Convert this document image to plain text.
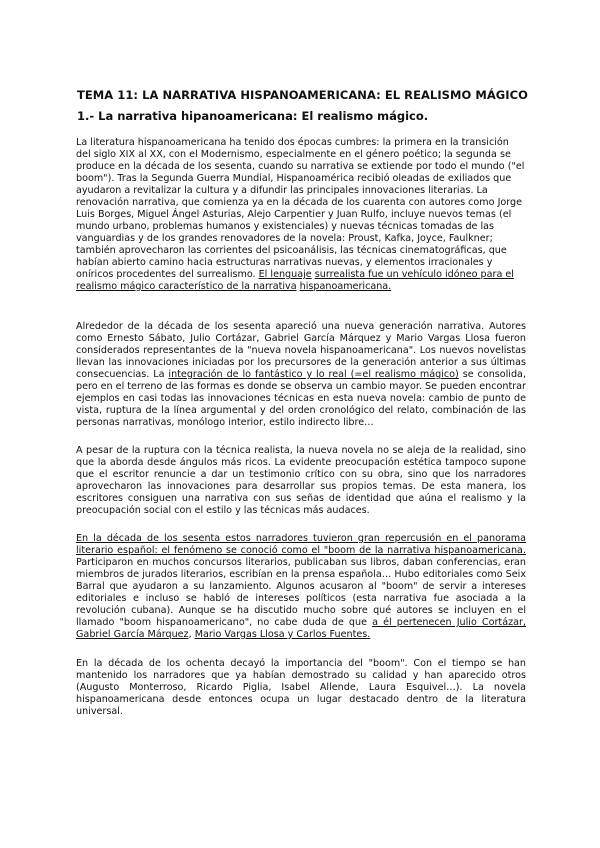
TEMA 11: LA NARRATIVA HISPANOAMERICANA: EL REALISMO MÁGICO
1.- La narrativa hipanoamericana: El realismo mágico.

La literatura hispanoamericana ha tenido dos épocas cumbres: la primera en la transición del siglo XIX al XX, con el Modernismo, especialmente en el género poético; la segunda se produce en la década de los sesenta, cuando su narrativa se extiende por todo el mundo ("el boom"). Tras la Segunda Guerra Mundial, Hispanoamérica recibió oleadas de exiliados que ayudaron a revitalizar la cultura y a difundir las principales innovaciones literarias. La renovación narrativa, que comienza ya en la década de los cuarenta con autores como Jorge Luis Borges, Miguel Ángel Asturias, Alejo Carpentier y Juan Rulfo, incluye nuevos temas (el mundo urbano, problemas humanos y existenciales) y nuevas técnicas tomadas de las vanguardias y de los grandes renovadores de la novela: Proust, Kafka, Joyce, Faulkner; también aprovecharon las corrientes del psicoanálisis, las técnicas cinematográficas, que habían abierto camino hacia estructuras narrativas nuevas, y elementos irracionales y oníricos procedentes del surrealismo. El lenguaje surrealista fue un vehículo idóneo para el realismo mágico característico de la narrativa hispanoamericana.

Alrededor de la década de los sesenta apareció una nueva generación narrativa. Autores como Ernesto Sábato, Julio Cortázar, Gabriel García Márquez y Mario Vargas Llosa fueron considerados representantes de la "nueva novela hispanoamericana". Los nuevos novelistas llevan las innovaciones iniciadas por los precursores de la generación anterior a sus últimas consecuencias. La integración de lo fantástico y lo real (=el realismo mágico) se consolida, pero en el terreno de las formas es donde se observa un cambio mayor. Se pueden encontrar ejemplos en casi todas las innovaciones técnicas en esta nueva novela: cambio de punto de vista, ruptura de la línea argumental y del orden cronológico del relato, combinación de las personas narrativas, monólogo interior, estilo indirecto libre…

A pesar de la ruptura con la técnica realista, la nueva novela no se aleja de la realidad, sino que la aborda desde ángulos más ricos. La evidente preocupación estética tampoco supone que el escritor renuncie a dar un testimonio crítico con su obra, sino que los narradores aprovecharon las innovaciones para desarrollar sus propios temas. De esta manera, los escritores consiguen una narrativa con sus señas de identidad que aúna el realismo y la preocupación social con el estilo y las técnicas más audaces.

En la década de los sesenta estos narradores tuvieron gran repercusión en el panorama literario español: el fenómeno se conoció como el "boom de la narrativa hispanoamericana. Participaron en muchos concursos literarios, publicaban sus libros, daban conferencias, eran miembros de jurados literarios, escribían en la prensa española… Hubo editoriales como Seix Barral que ayudaron a su lanzamiento. Algunos acusaron al "boom" de servir a intereses editoriales e incluso se habló de intereses políticos (esta narrativa fue asociada a la revolución cubana). Aunque se ha discutido mucho sobre qué autores se incluyen en el llamado "boom hispanoamericano", no cabe duda de que a él pertenecen Julio Cortázar, Gabriel García Márquez, Mario Vargas Llosa y Carlos Fuentes.

En la década de los ochenta decayó la importancia del "boom". Con el tiempo se han mantenido los narradores que ya habían demostrado su calidad y han aparecido otros (Augusto Monterroso, Ricardo Piglia, Isabel Allende, Laura Esquivel…). La novela hispanoamericana desde entonces ocupa un lugar destacado dentro de la literatura universal.
